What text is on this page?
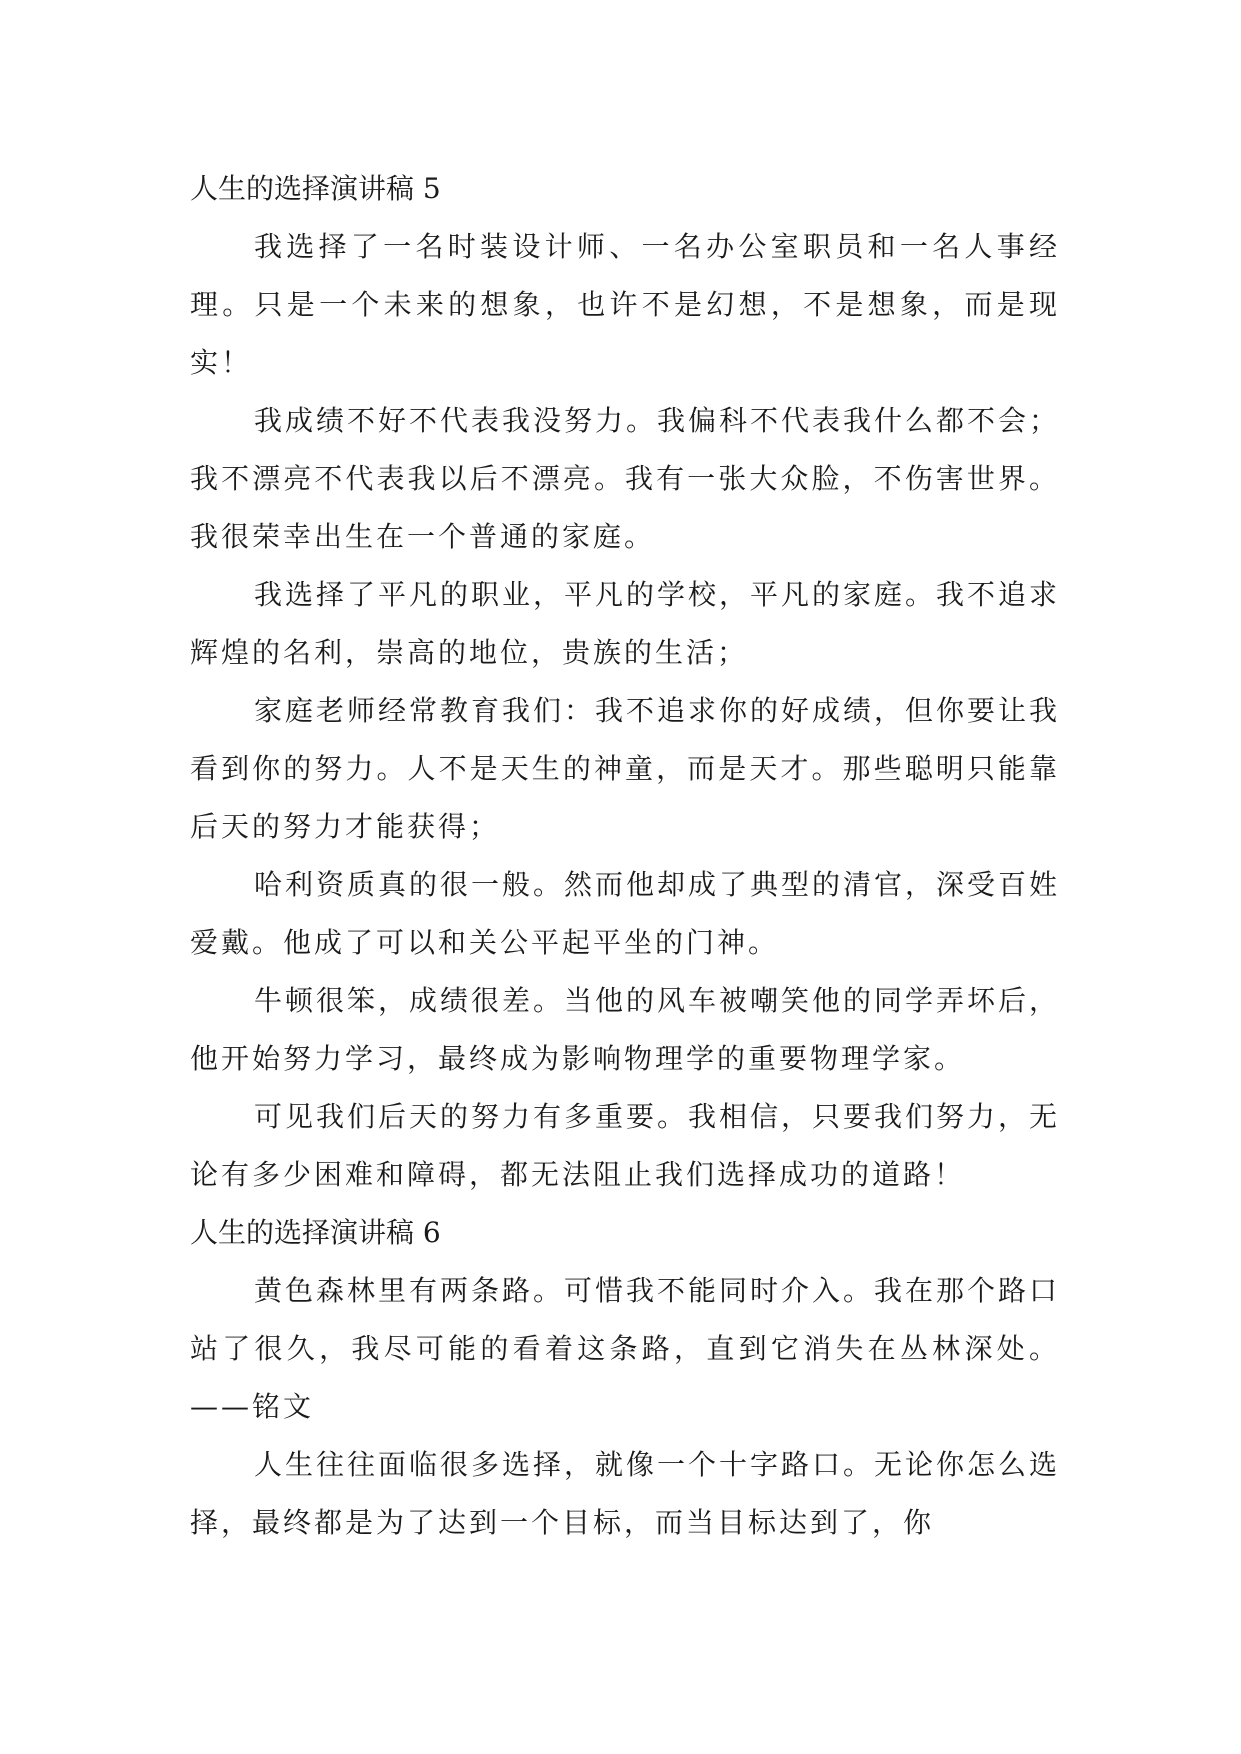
人生的选择演讲稿 5

我选择了一名时装设计师、一名办公室职员和一名人事经理。只是一个未来的想象，也许不是幻想，不是想象，而是现实！

我成绩不好不代表我没努力。我偏科不代表我什么都不会；我不漂亮不代表我以后不漂亮。我有一张大众脸，不伤害世界。我很荣幸出生在一个普通的家庭。

我选择了平凡的职业，平凡的学校，平凡的家庭。我不追求辉煌的名利，崇高的地位，贵族的生活；

家庭老师经常教育我们：我不追求你的好成绩，但你要让我看到你的努力。人不是天生的神童，而是天才。那些聪明只能靠后天的努力才能获得；

哈利资质真的很一般。然而他却成了典型的清官，深受百姓爱戴。他成了可以和关公平起平坐的门神。

牛顿很笨，成绩很差。当他的风车被嘲笑他的同学弄坏后，他开始努力学习，最终成为影响物理学的重要物理学家。

可见我们后天的努力有多重要。我相信，只要我们努力，无论有多少困难和障碍，都无法阻止我们选择成功的道路！

人生的选择演讲稿 6

黄色森林里有两条路。可惜我不能同时介入。我在那个路口站了很久，我尽可能的看着这条路，直到它消失在丛林深处。——铭文

人生往往面临很多选择，就像一个十字路口。无论你怎么选择，最终都是为了达到一个目标，而当目标达到了，你
